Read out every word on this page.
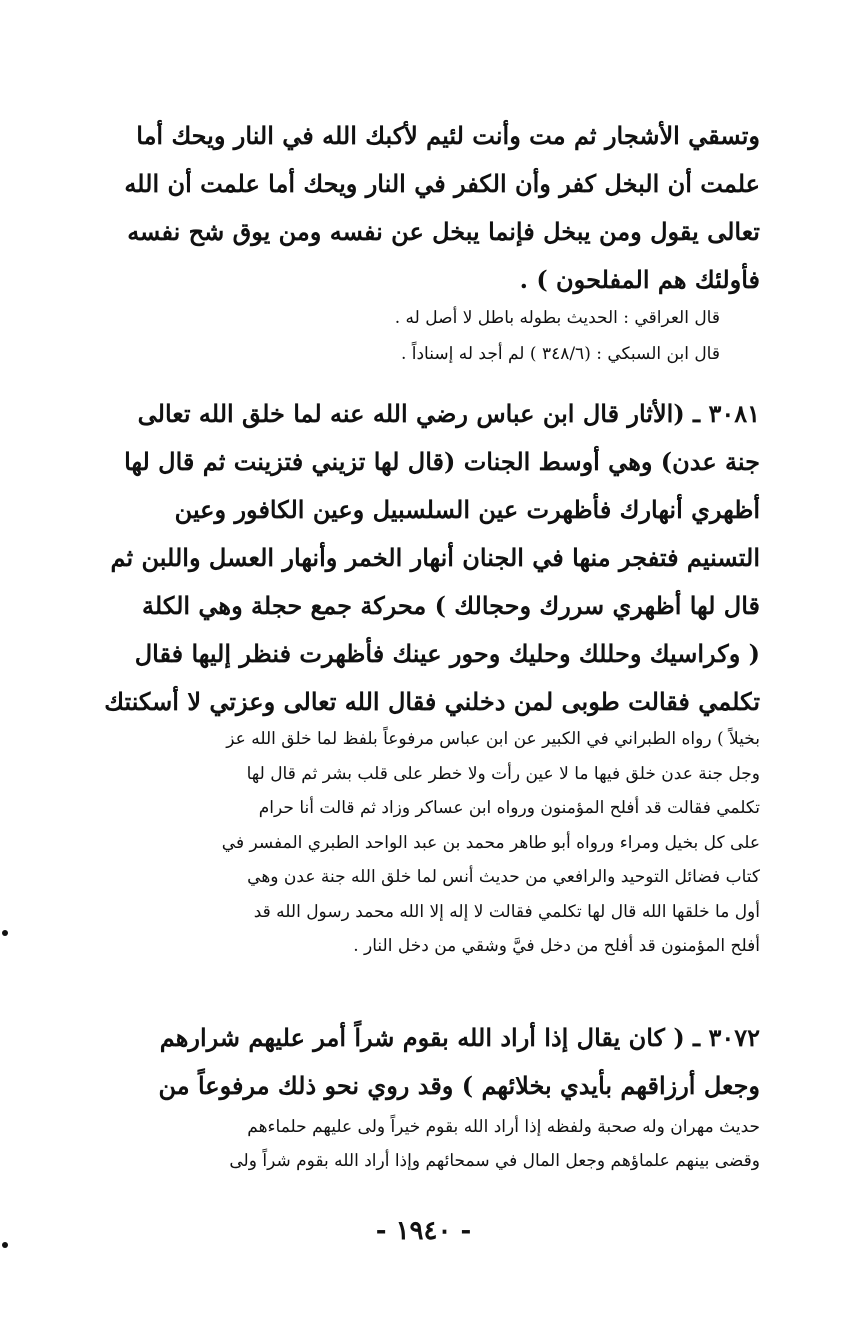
وتسقي الأشجار ثم مت وأنت لئيم لأكبك الله في النار ويحك أما
علمت أن البخل كفر وأن الكفر في النار ويحك أما علمت أن الله
تعالى يقول ومن يبخل فإنما يبخل عن نفسه ومن يوق شح نفسه
فأولئك هم المفلحون ) .
قال العراقي : الحديث بطوله باطل لا أصل له .
قال ابن السبكي : (٣٤٨/٦ ) لم أجد له إسناداً .
٣٠٨١ ـ (الأثار قال ابن عباس رضي الله عنه لما خلق الله تعالى
جنة عدن) وهي أوسط الجنات (قال لها تزيني فتزينت ثم قال لها
أظهري أنهارك فأظهرت عين السلسبيل وعين الكافور وعين
التسنيم فتفجر منها في الجنان أنهار الخمر وأنهار العسل واللبن ثم
قال لها أظهري سررك وحجالك ) محركة جمع حجلة وهي الكلة
( وكراسيك وحللك وحليك وحور عينك فأظهرت فنظر إليها فقال
تكلمي فقالت طوبى لمن دخلني فقال الله تعالى وعزتي لا أسكنتك
بخيلاً ) رواه الطبراني في الكبير عن ابن عباس مرفوعاً بلفظ لما خلق الله عز
وجل جنة عدن خلق فيها ما لا عين رأت ولا خطر على قلب بشر ثم قال لها
تكلمي فقالت قد أفلح المؤمنون ورواه ابن عساكر وزاد ثم قالت أنا حرام
على كل بخيل ومراء ورواه أبو طاهر محمد بن عبد الواحد الطبري المفسر في
كتاب فضائل التوحيد والرافعي من حديث أنس لما خلق الله جنة عدن وهي
أول ما خلقها الله قال لها تكلمي فقالت لا إله إلا الله محمد رسول الله قد
أفلح المؤمنون قد أفلح من دخل فيَّ وشقي من دخل النار .
٣٠٧٢ ـ ( كان يقال إذا أراد الله بقوم شراً أمر عليهم شرارهم
وجعل أرزاقهم بأيدي بخلائهم ) وقد روي نحو ذلك مرفوعاً من
حديث مهران وله صحبة ولفظه إذا أراد الله بقوم خيراً ولى عليهم حلماءهم
وقضى بينهم علماؤهم وجعل المال في سمحائهم وإذا أراد الله بقوم شراً ولى
- ١٩٤٠ -
